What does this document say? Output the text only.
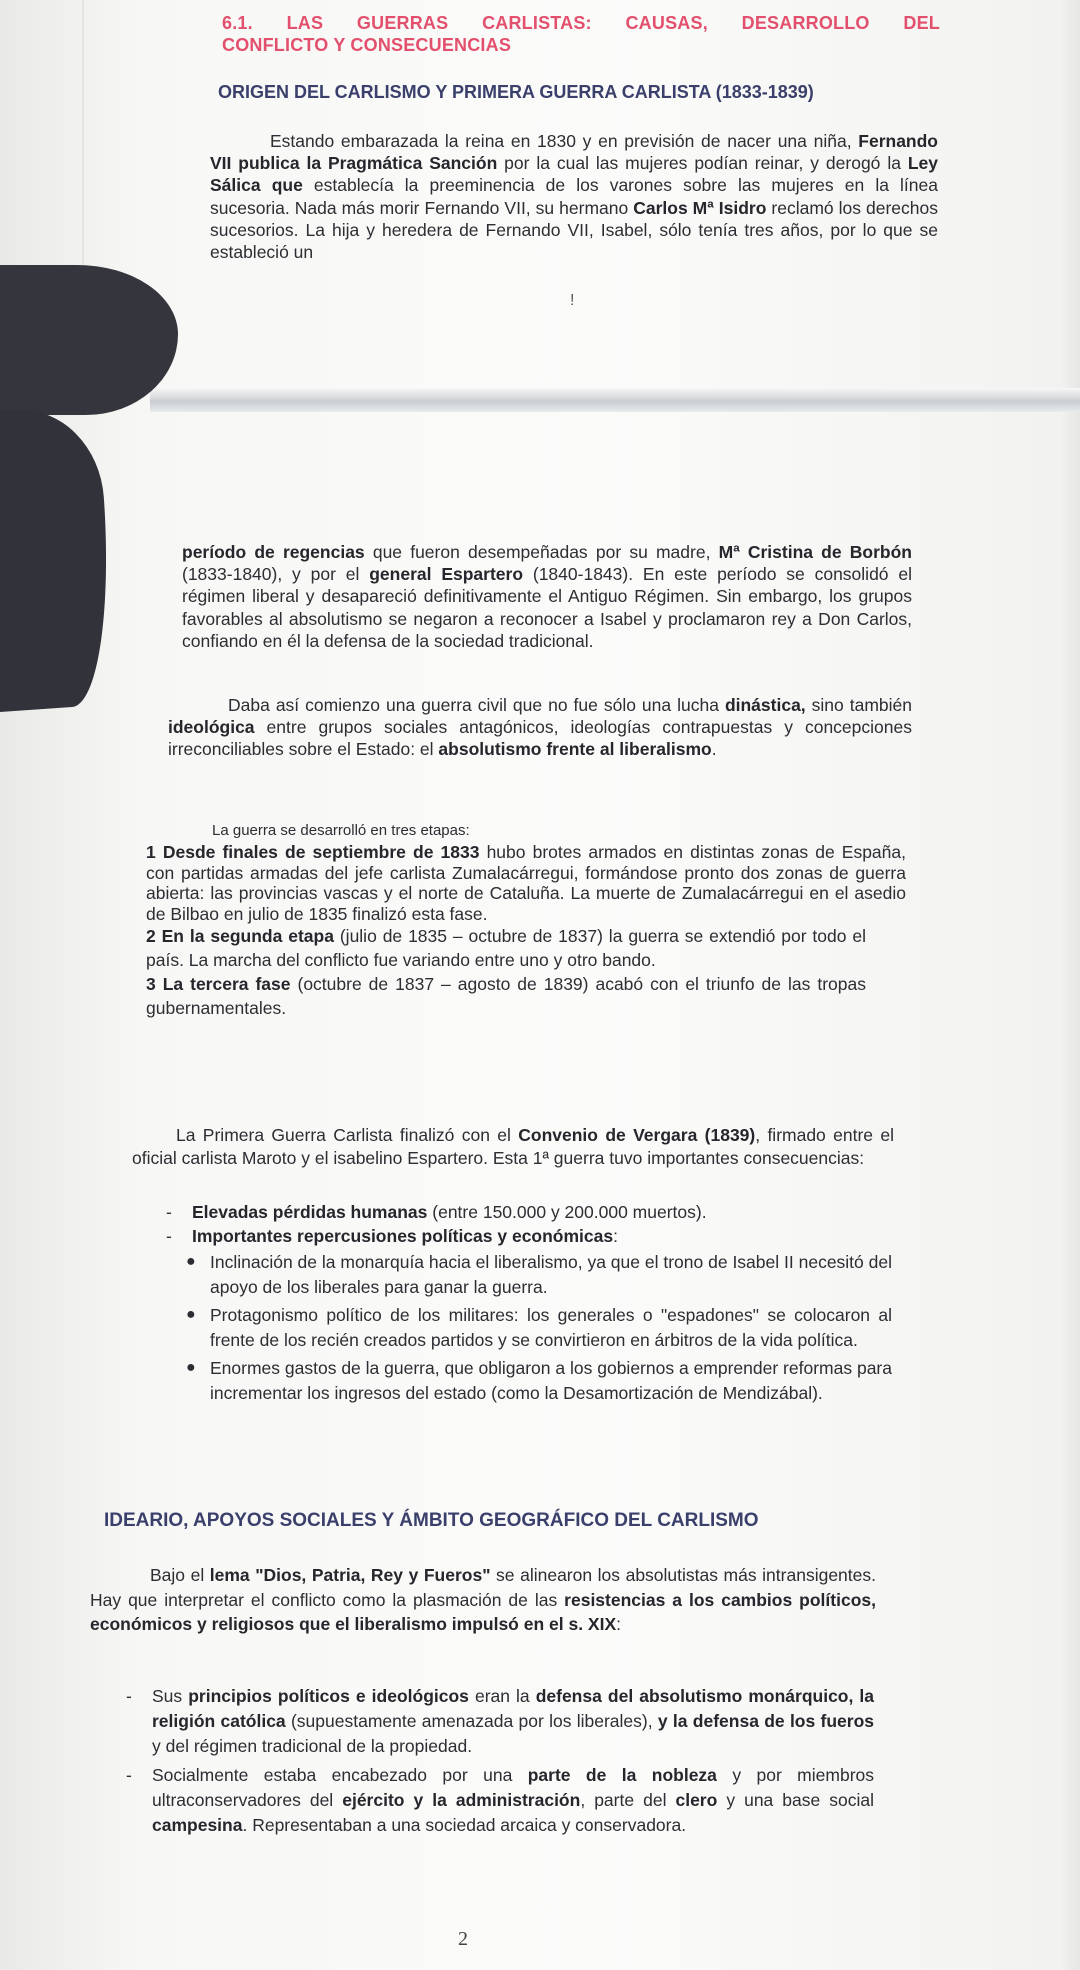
6.1. LAS GUERRAS CARLISTAS: CAUSAS, DESARROLLO DEL
CONFLICTO Y CONSECUENCIAS
ORIGEN DEL CARLISMO Y PRIMERA GUERRA CARLISTA (1833-1839)
Estando embarazada la reina en 1830 y en previsión de nacer una niña, Fernando VII publica la Pragmática Sanción por la cual las mujeres podían reinar, y derogó la Ley Sálica que establecía la preeminencia de los varones sobre las mujeres en la línea sucesoria. Nada más morir Fernando VII, su hermano Carlos Mª Isidro reclamó los derechos sucesorios. La hija y heredera de Fernando VII, Isabel, sólo tenía tres años, por lo que se estableció un
!
período de regencias que fueron desempeñadas por su madre, Mª Cristina de Borbón (1833-1840), y por el general Espartero (1840-1843). En este período se consolidó el régimen liberal y desapareció definitivamente el Antiguo Régimen. Sin embargo, los grupos favorables al absolutismo se negaron a reconocer a Isabel y proclamaron rey a Don Carlos, confiando en él la defensa de la sociedad tradicional.
Daba así comienzo una guerra civil que no fue sólo una lucha dinástica, sino también ideológica entre grupos sociales antagónicos, ideologías contrapuestas y concepciones irreconciliables sobre el Estado: el absolutismo frente al liberalismo.
La guerra se desarrolló en tres etapas:
1 Desde finales de septiembre de 1833 hubo brotes armados en distintas zonas de España, con partidas armadas del jefe carlista Zumalacárregui, formándose pronto dos zonas de guerra abierta: las provincias vascas y el norte de Cataluña. La muerte de Zumalacárregui en el asedio de Bilbao en julio de 1835 finalizó esta fase.
2 En la segunda etapa (julio de 1835 – octubre de 1837) la guerra se extendió por todo el país. La marcha del conflicto fue variando entre uno y otro bando.
3 La tercera fase (octubre de 1837 – agosto de 1839) acabó con el triunfo de las tropas gubernamentales.
La Primera Guerra Carlista finalizó con el Convenio de Vergara (1839), firmado entre el oficial carlista Maroto y el isabelino Espartero. Esta 1ª guerra tuvo importantes consecuencias:
- Elevadas pérdidas humanas (entre 150.000 y 200.000 muertos).
- Importantes repercusiones políticas y económicas:
● Inclinación de la monarquía hacia el liberalismo, ya que el trono de Isabel II necesitó del apoyo de los liberales para ganar la guerra.
● Protagonismo político de los militares: los generales o "espadones" se colocaron al frente de los recién creados partidos y se convirtieron en árbitros de la vida política.
● Enormes gastos de la guerra, que obligaron a los gobiernos a emprender reformas para incrementar los ingresos del estado (como la Desamortización de Mendizábal).
IDEARIO, APOYOS SOCIALES Y ÁMBITO GEOGRÁFICO DEL CARLISMO
Bajo el lema "Dios, Patria, Rey y Fueros" se alinearon los absolutistas más intransigentes. Hay que interpretar el conflicto como la plasmación de las resistencias a los cambios políticos, económicos y religiosos que el liberalismo impulsó en el s. XIX:
- Sus principios políticos e ideológicos eran la defensa del absolutismo monárquico, la religión católica (supuestamente amenazada por los liberales), y la defensa de los fueros y del régimen tradicional de la propiedad.
- Socialmente estaba encabezado por una parte de la nobleza y por miembros ultraconservadores del ejército y la administración, parte del clero y una base social campesina. Representaban a una sociedad arcaica y conservadora.
2
